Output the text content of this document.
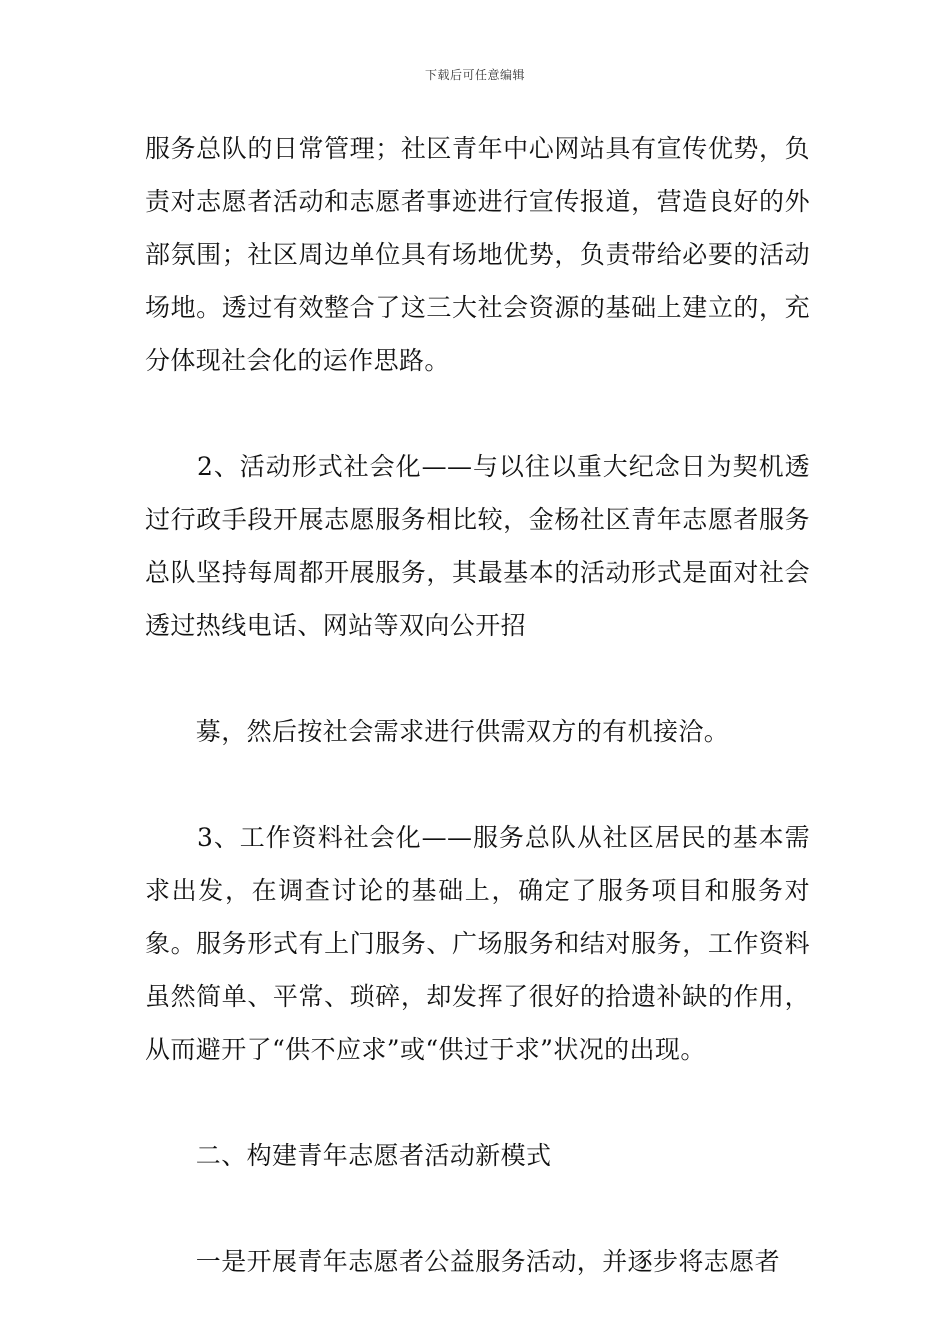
下载后可任意编辑

服务总队的日常管理；社区青年中心网站具有宣传优势，负责对志愿者活动和志愿者事迹进行宣传报道，营造良好的外部氛围；社区周边单位具有场地优势，负责带给必要的活动场地。透过有效整合了这三大社会资源的基础上建立的，充分体现社会化的运作思路。

　　2、活动形式社会化——与以往以重大纪念日为契机透过行政手段开展志愿服务相比较，金杨社区青年志愿者服务总队坚持每周都开展服务，其最基本的活动形式是面对社会透过热线电话、网站等双向公开招

　　募，然后按社会需求进行供需双方的有机接洽。

　　3、工作资料社会化——服务总队从社区居民的基本需求出发，在调查讨论的基础上，确定了服务项目和服务对象。服务形式有上门服务、广场服务和结对服务，工作资料虽然简单、平常、琐碎，却发挥了很好的拾遗补缺的作用，从而避开了“供不应求”或“供过于求”状况的出现。

　　二、构建青年志愿者活动新模式

　　一是开展青年志愿者公益服务活动，并逐步将志愿者
